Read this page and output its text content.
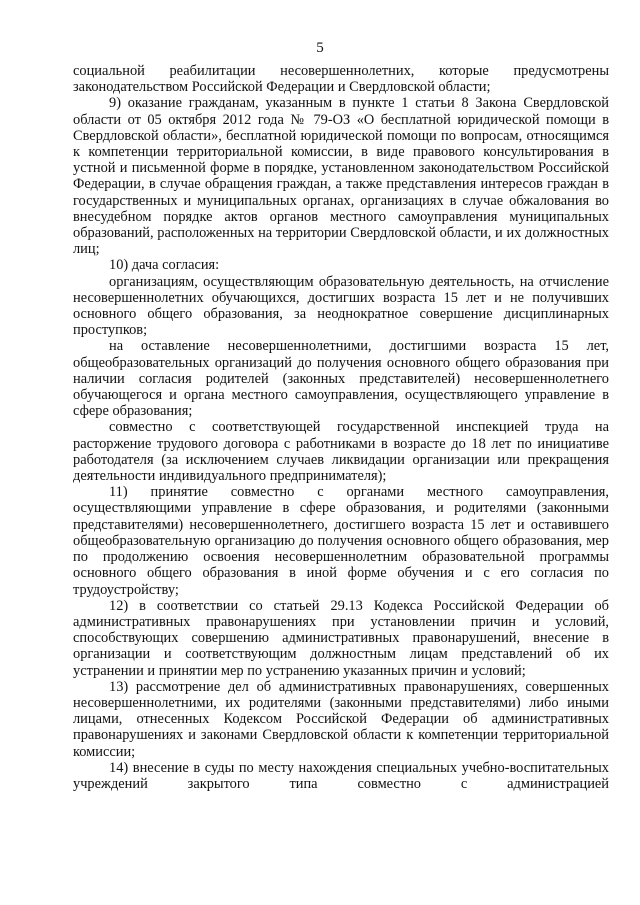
5

социальной реабилитации несовершеннолетних, которые предусмотрены законодательством Российской Федерации и Свердловской области;

9) оказание гражданам, указанным в пункте 1 статьи 8 Закона Свердловской области от 05 октября 2012 года № 79-ОЗ «О бесплатной юридической помощи в Свердловской области», бесплатной юридической помощи по вопросам, относящимся к компетенции территориальной комиссии, в виде правового консультирования в устной и письменной форме в порядке, установленном законодательством Российской Федерации, в случае обращения граждан, а также представления интересов граждан в государственных и муниципальных органах, организациях в случае обжалования во внесудебном порядке актов органов местного самоуправления муниципальных образований, расположенных на территории Свердловской области, и их должностных лиц;

10) дача согласия:

организациям, осуществляющим образовательную деятельность, на отчисление несовершеннолетних обучающихся, достигших возраста 15 лет и не получивших основного общего образования, за неоднократное совершение дисциплинарных проступков;

на оставление несовершеннолетними, достигшими возраста 15 лет, общеобразовательных организаций до получения основного общего образования при наличии согласия родителей (законных представителей) несовершеннолетнего обучающегося и органа местного самоуправления, осуществляющего управление в сфере образования;

совместно с соответствующей государственной инспекцией труда на расторжение трудового договора с работниками в возрасте до 18 лет по инициативе работодателя (за исключением случаев ликвидации организации или прекращения деятельности индивидуального предпринимателя);

11) принятие совместно с органами местного самоуправления, осуществляющими управление в сфере образования, и родителями (законными представителями) несовершеннолетнего, достигшего возраста 15 лет и оставившего общеобразовательную организацию до получения основного общего образования, мер по продолжению освоения несовершеннолетним образовательной программы основного общего образования в иной форме обучения и с его согласия по трудоустройству;

12) в соответствии со статьей 29.13 Кодекса Российской Федерации об административных правонарушениях при установлении причин и условий, способствующих совершению административных правонарушений, внесение в организации и соответствующим должностным лицам представлений об их устранении и принятии мер по устранению указанных причин и условий;

13) рассмотрение дел об административных правонарушениях, совершенных несовершеннолетними, их родителями (законными представителями) либо иными лицами, отнесенных Кодексом Российской Федерации об административных правонарушениях и законами Свердловской области к компетенции территориальной комиссии;

14) внесение в суды по месту нахождения специальных учебно-воспитательных учреждений закрытого типа совместно с администрацией
